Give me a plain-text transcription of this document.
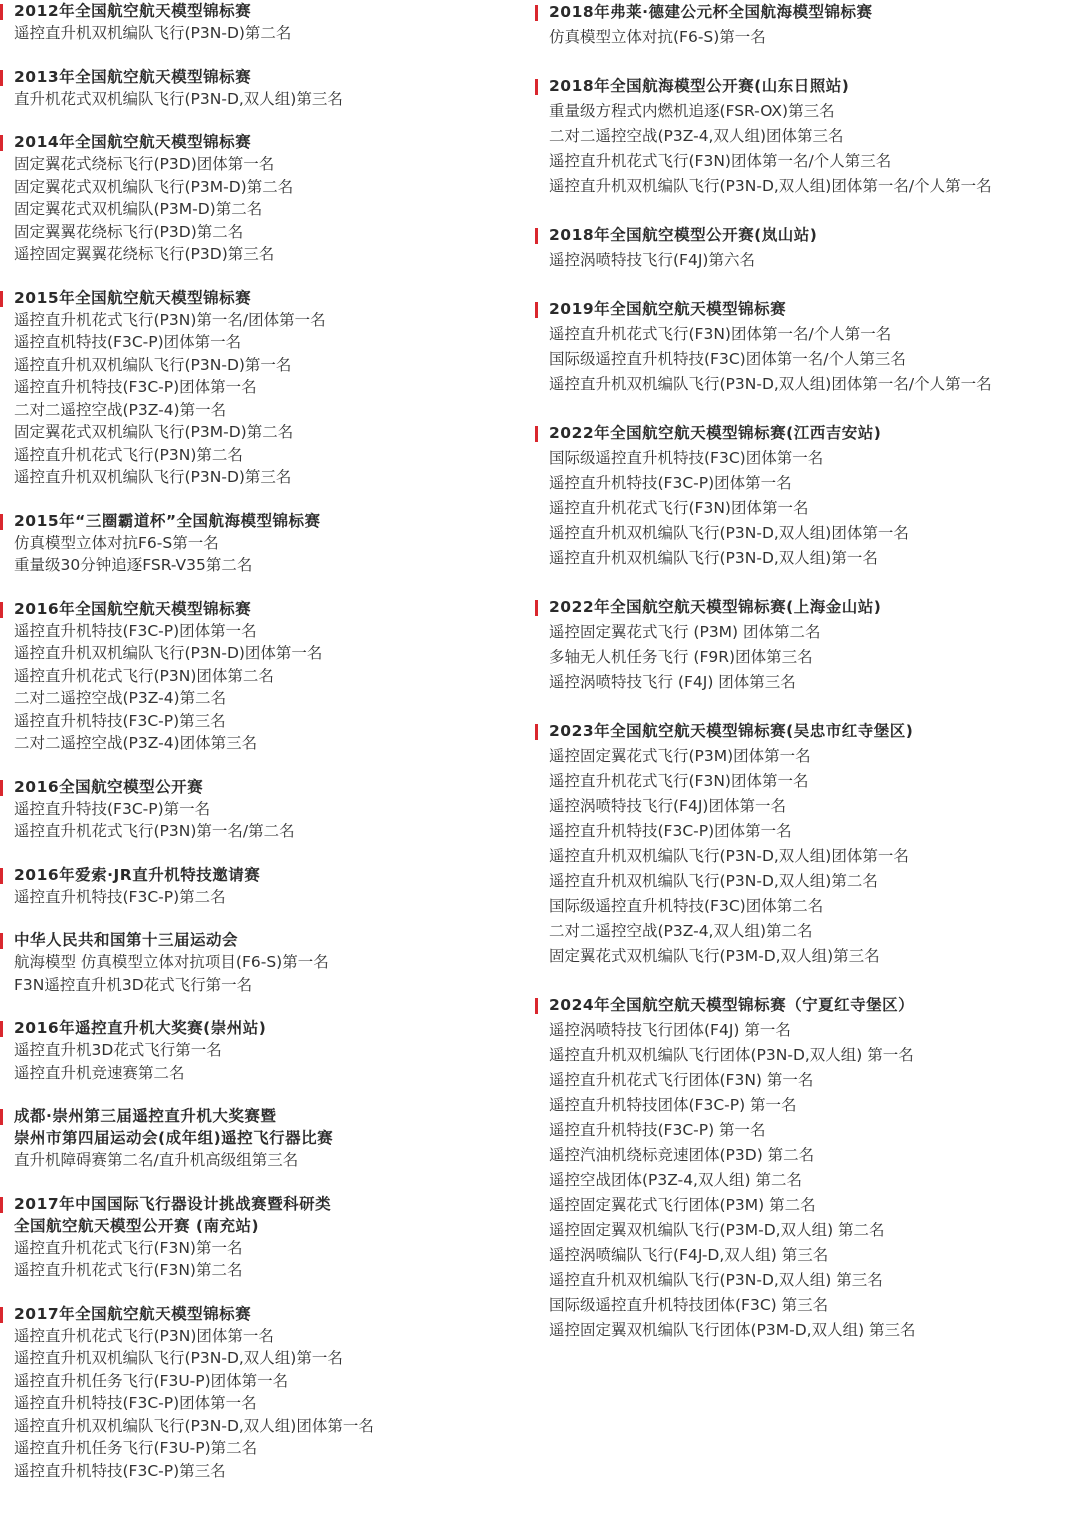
2012年全国航空航天模型锦标赛
遥控直升机双机编队飞行(P3N-D)第二名
2013年全国航空航天模型锦标赛
直升机花式双机编队飞行(P3N-D,双人组)第三名
2014年全国航空航天模型锦标赛
固定翼花式绕标飞行(P3D)团体第一名
固定翼花式双机编队飞行(P3M-D)第二名
固定翼花式双机编队(P3M-D)第二名
固定翼翼花绕标飞行(P3D)第二名
遥控固定翼翼花绕标飞行(P3D)第三名
2015年全国航空航天模型锦标赛
遥控直升机花式飞行(P3N)第一名/团体第一名
遥控直机特技(F3C-P)团体第一名
遥控直升机双机编队飞行(P3N-D)第一名
遥控直升机特技(F3C-P)团体第一名
二对二遥控空战(P3Z-4)第一名
固定翼花式双机编队飞行(P3M-D)第二名
遥控直升机花式飞行(P3N)第二名
遥控直升机双机编队飞行(P3N-D)第三名
2015年“三圈霸道杯”全国航海模型锦标赛
仿真模型立体对抗F6-S第一名
重量级30分钟追逐FSR-V35第二名
2016年全国航空航天模型锦标赛
遥控直升机特技(F3C-P)团体第一名
遥控直升机双机编队飞行(P3N-D)团体第一名
遥控直升机花式飞行(P3N)团体第二名
二对二遥控空战(P3Z-4)第二名
遥控直升机特技(F3C-P)第三名
二对二遥控空战(P3Z-4)团体第三名
2016全国航空模型公开赛
遥控直升特技(F3C-P)第一名
遥控直升机花式飞行(P3N)第一名/第二名
2016年爱索·JR直升机特技邀请赛
遥控直升机特技(F3C-P)第二名
中华人民共和国第十三届运动会
航海模型 仿真模型立体对抗项目(F6-S)第一名
F3N遥控直升机3D花式飞行第一名
2016年遥控直升机大奖赛(崇州站)
遥控直升机3D花式飞行第一名
遥控直升机竞速赛第二名
成都·崇州第三届遥控直升机大奖赛暨
崇州市第四届运动会(成年组)遥控飞行器比赛
直升机障碍赛第二名/直升机高级组第三名
2017年中国国际飞行器设计挑战赛暨科研类
全国航空航天模型公开赛 (南充站)
遥控直升机花式飞行(F3N)第一名
遥控直升机花式飞行(F3N)第二名
2017年全国航空航天模型锦标赛
遥控直升机花式飞行(P3N)团体第一名
遥控直升机双机编队飞行(P3N-D,双人组)第一名
遥控直升机任务飞行(F3U-P)团体第一名
遥控直升机特技(F3C-P)团体第一名
遥控直升机双机编队飞行(P3N-D,双人组)团体第一名
遥控直升机任务飞行(F3U-P)第二名
遥控直升机特技(F3C-P)第三名
2018年弗莱·德建公元杯全国航海模型锦标赛
仿真模型立体对抗(F6-S)第一名
2018年全国航海模型公开赛(山东日照站)
重量级方程式内燃机追逐(FSR-OX)第三名
二对二遥控空战(P3Z-4,双人组)团体第三名
遥控直升机花式飞行(F3N)团体第一名/个人第三名
遥控直升机双机编队飞行(P3N-D,双人组)团体第一名/个人第一名
2018年全国航空模型公开赛(岚山站)
遥控涡喷特技飞行(F4J)第六名
2019年全国航空航天模型锦标赛
遥控直升机花式飞行(F3N)团体第一名/个人第一名
国际级遥控直升机特技(F3C)团体第一名/个人第三名
遥控直升机双机编队飞行(P3N-D,双人组)团体第一名/个人第一名
2022年全国航空航天模型锦标赛(江西吉安站)
国际级遥控直升机特技(F3C)团体第一名
遥控直升机特技(F3C-P)团体第一名
遥控直升机花式飞行(F3N)团体第一名
遥控直升机双机编队飞行(P3N-D,双人组)团体第一名
遥控直升机双机编队飞行(P3N-D,双人组)第一名
2022年全国航空航天模型锦标赛(上海金山站)
遥控固定翼花式飞行 (P3M) 团体第二名
多轴无人机任务飞行 (F9R)团体第三名
遥控涡喷特技飞行 (F4J) 团体第三名
2023年全国航空航天模型锦标赛(吴忠市红寺堡区)
遥控固定翼花式飞行(P3M)团体第一名
遥控直升机花式飞行(F3N)团体第一名
遥控涡喷特技飞行(F4J)团体第一名
遥控直升机特技(F3C-P)团体第一名
遥控直升机双机编队飞行(P3N-D,双人组)团体第一名
遥控直升机双机编队飞行(P3N-D,双人组)第二名
国际级遥控直升机特技(F3C)团体第二名
二对二遥控空战(P3Z-4,双人组)第二名
固定翼花式双机编队飞行(P3M-D,双人组)第三名
2024年全国航空航天模型锦标赛（宁夏红寺堡区）
遥控涡喷特技飞行团体(F4J) 第一名
遥控直升机双机编队飞行团体(P3N-D,双人组) 第一名
遥控直升机花式飞行团体(F3N) 第一名
遥控直升机特技团体(F3C-P) 第一名
遥控直升机特技(F3C-P) 第一名
遥控汽油机绕标竞速团体(P3D) 第二名
遥控空战团体(P3Z-4,双人组) 第二名
遥控固定翼花式飞行团体(P3M) 第二名
遥控固定翼双机编队飞行(P3M-D,双人组) 第二名
遥控涡喷编队飞行(F4J-D,双人组) 第三名
遥控直升机双机编队飞行(P3N-D,双人组) 第三名
国际级遥控直升机特技团体(F3C) 第三名
遥控固定翼双机编队飞行团体(P3M-D,双人组) 第三名
